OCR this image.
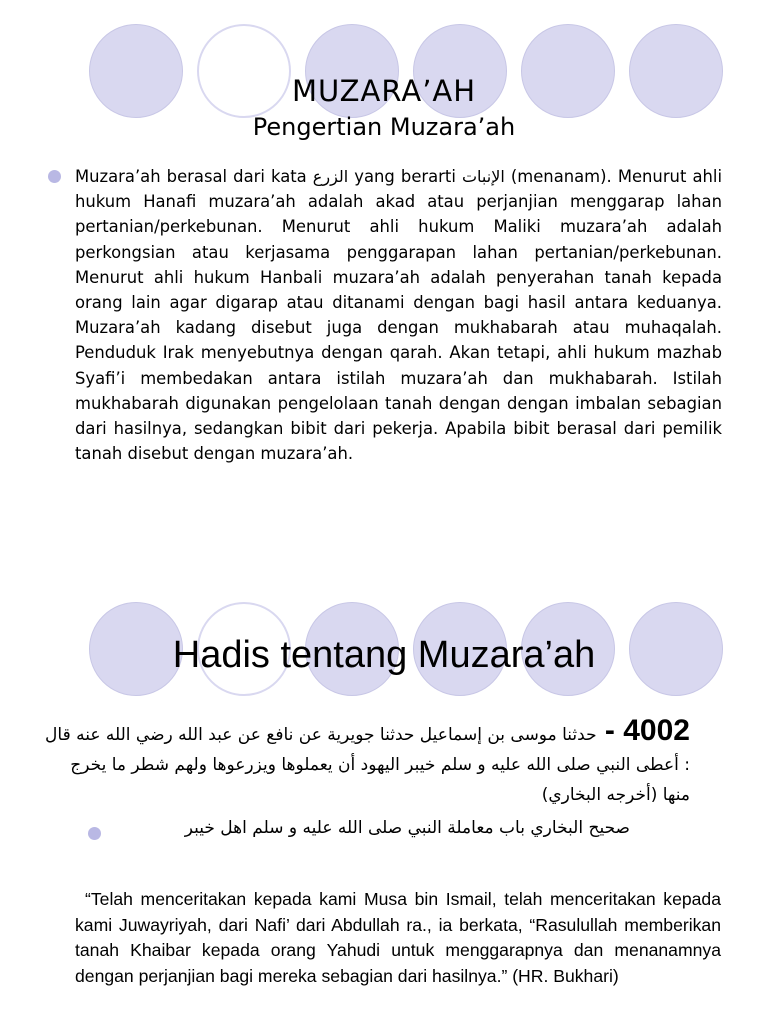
MUZARA’AH
Pengertian Muzara’ah
Muzara’ah berasal dari kata الزرع yang berarti الإنبات (menanam). Menurut ahli hukum Hanafi muzara’ah adalah akad atau perjanjian menggarap lahan pertanian/perkebunan. Menurut ahli hukum Maliki muzara’ah adalah perkongsian atau kerjasama penggarapan lahan pertanian/perkebunan. Menurut ahli hukum Hanbali muzara’ah adalah penyerahan tanah kepada orang lain agar digarap atau ditanami dengan bagi hasil antara keduanya. Muzara’ah kadang disebut juga dengan mukhabarah atau muhaqalah. Penduduk Irak menyebutnya dengan qarah. Akan tetapi, ahli hukum mazhab Syafi’i membedakan antara istilah muzara’ah dan mukhabarah. Istilah mukhabarah digunakan pengelolaan tanah dengan dengan imbalan sebagian dari hasilnya, sedangkan bibit dari pekerja. Apabila bibit berasal dari pemilik tanah disebut dengan muzara’ah.
Hadis tentang Muzara’ah
4002 - حدثنا موسى بن إسماعيل حدثنا جويرية عن نافع عن عبد الله رضي الله عنه قال : أعطى النبي صلى الله عليه و سلم خيبر اليهود أن يعملوها ويزرعوها ولهم شطر ما يخرج منها (أخرجه البخاري)
صحيح البخاري باب معاملة النبي صلى الله عليه و سلم اهل خيبر
“Telah menceritakan kepada kami Musa bin Ismail, telah menceritakan kepada kami Juwayriyah, dari Nafi’ dari Abdullah ra., ia berkata, “Rasulullah memberikan tanah Khaibar kepada orang Yahudi untuk menggarapnya dan menanamnya dengan perjanjian bagi mereka sebagian dari hasilnya.” (HR. Bukhari)
